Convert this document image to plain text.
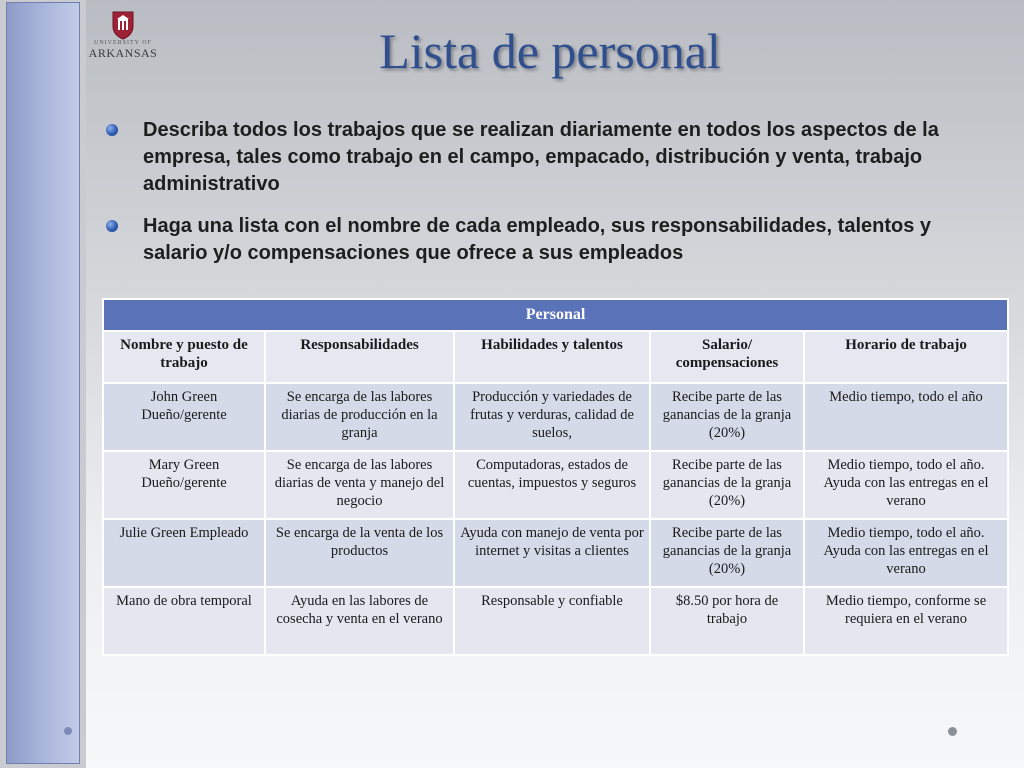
UNIVERSITY OF
ARKANSAS	Lista de personal
Describa todos los trabajos que se realizan diariamente en todos los aspectos de la empresa, tales como trabajo en el campo, empacado, distribución y venta, trabajo administrativo
Haga una lista con el nombre de cada empleado, sus responsabilidades, talentos y salario y/o compensaciones que ofrece a sus empleados
Personal				
Nombre y puesto de trabajo	Responsabilidades	Habilidades y talentos	Salario/ compensaciones	Horario de trabajo
John Green Dueño/gerente	Se encarga de las labores diarias de producción en la granja	Producción y variedades de frutas y verduras, calidad de suelos,	Recibe parte de las ganancias de la granja (20%)	Medio tiempo, todo el año
Mary Green Dueño/gerente	Se encarga de las labores diarias de venta y manejo del negocio	Computadoras, estados de cuentas, impuestos y seguros	Recibe parte de las ganancias de la granja (20%)	Medio tiempo, todo el año. Ayuda con las entregas en el verano
Julie Green Empleado	Se encarga de la venta de los productos	Ayuda con manejo de venta por internet y visitas a clientes	Recibe parte de las ganancias de la granja (20%)	Medio tiempo, todo el año. Ayuda con las entregas en el verano
Mano de obra temporal	Ayuda en las labores de cosecha y venta en el verano	Responsable y confiable	$8.50 por hora de trabajo	Medio tiempo, conforme se requiera en el verano
